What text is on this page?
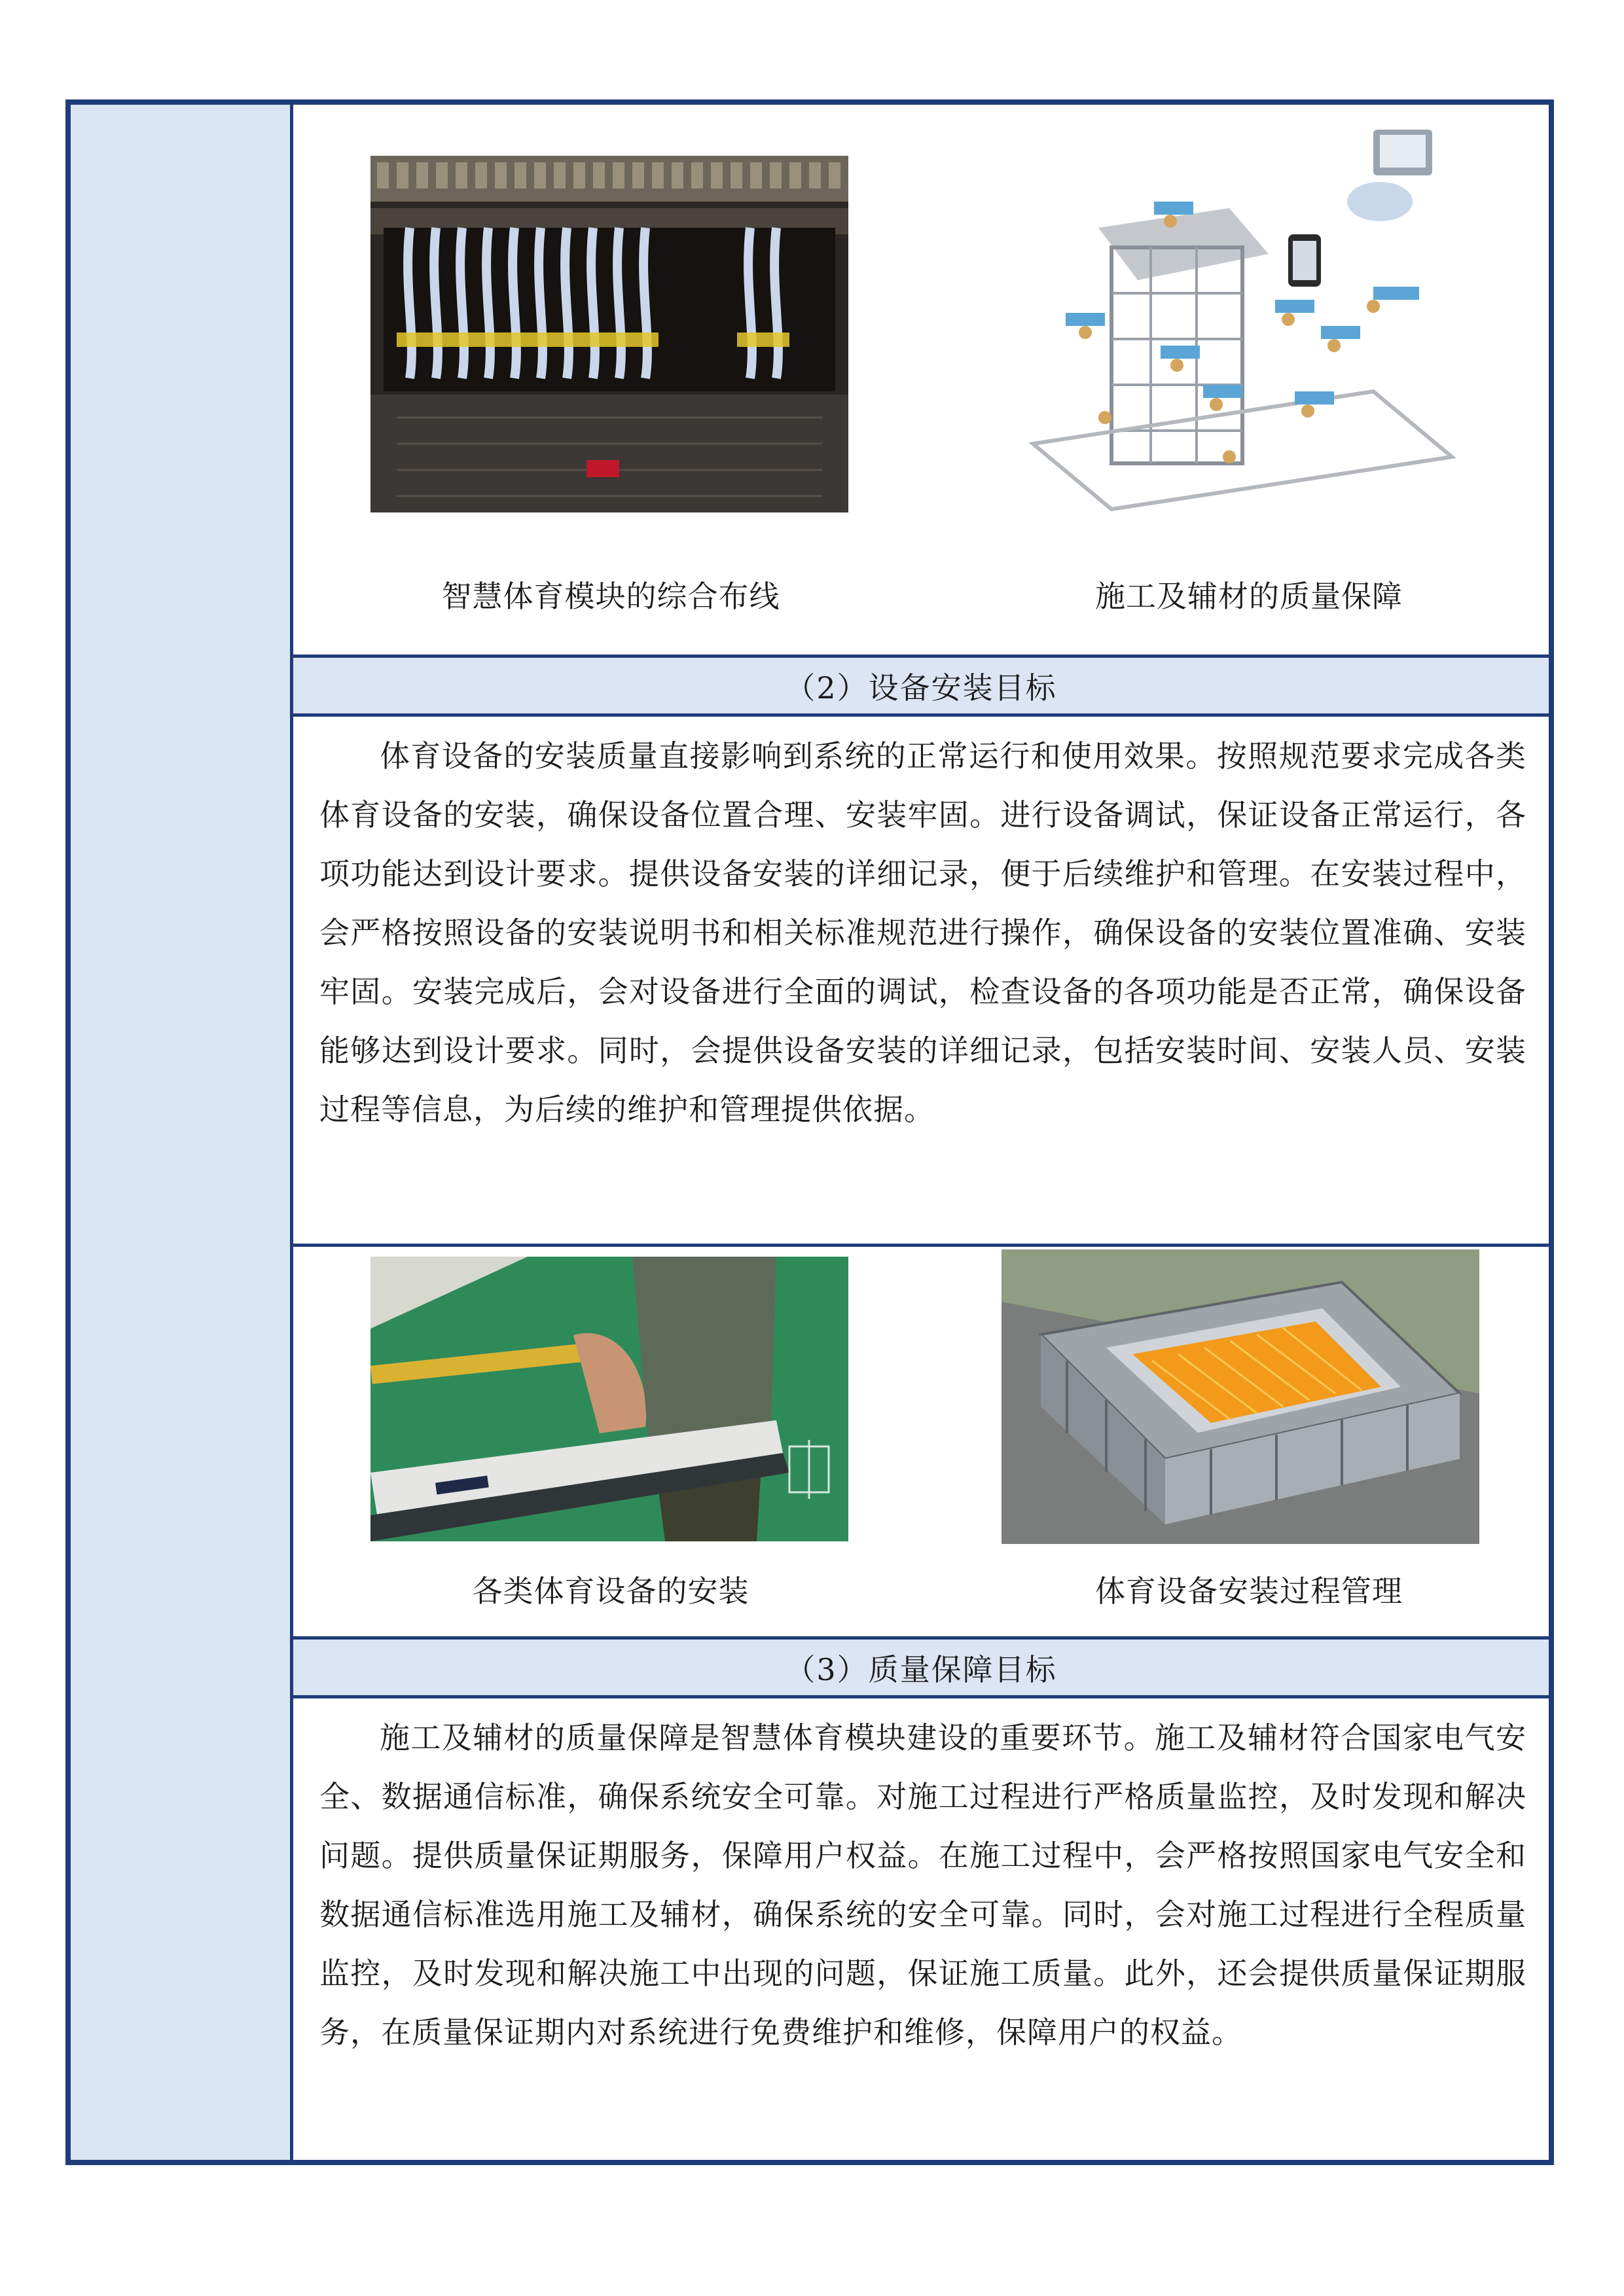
智慧体育模块的综合布线	施工及辅材的质量保障
（2）设备安装目标
体育设备的安装质量直接影响到系统的正常运行和使用效果。按照规范要求完成各类体育设备的安装，确保设备位置合理、安装牢固。进行设备调试，保证设备正常运行，各项功能达到设计要求。提供设备安装的详细记录，便于后续维护和管理。在安装过程中，会严格按照设备的安装说明书和相关标准规范进行操作，确保设备的安装位置准确、安装牢固。安装完成后，会对设备进行全面的调试，检查设备的各项功能是否正常，确保设备能够达到设计要求。同时，会提供设备安装的详细记录，包括安装时间、安装人员、安装过程等信息，为后续的维护和管理提供依据。
各类体育设备的安装	体育设备安装过程管理
（3）质量保障目标
施工及辅材的质量保障是智慧体育模块建设的重要环节。施工及辅材符合国家电气安全、数据通信标准，确保系统安全可靠。对施工过程进行严格质量监控，及时发现和解决问题。提供质量保证期服务，保障用户权益。在施工过程中，会严格按照国家电气安全和数据通信标准选用施工及辅材，确保系统的安全可靠。同时，会对施工过程进行全程质量监控，及时发现和解决施工中出现的问题，保证施工质量。此外，还会提供质量保证期服务，在质量保证期内对系统进行免费维护和维修，保障用户的权益。
